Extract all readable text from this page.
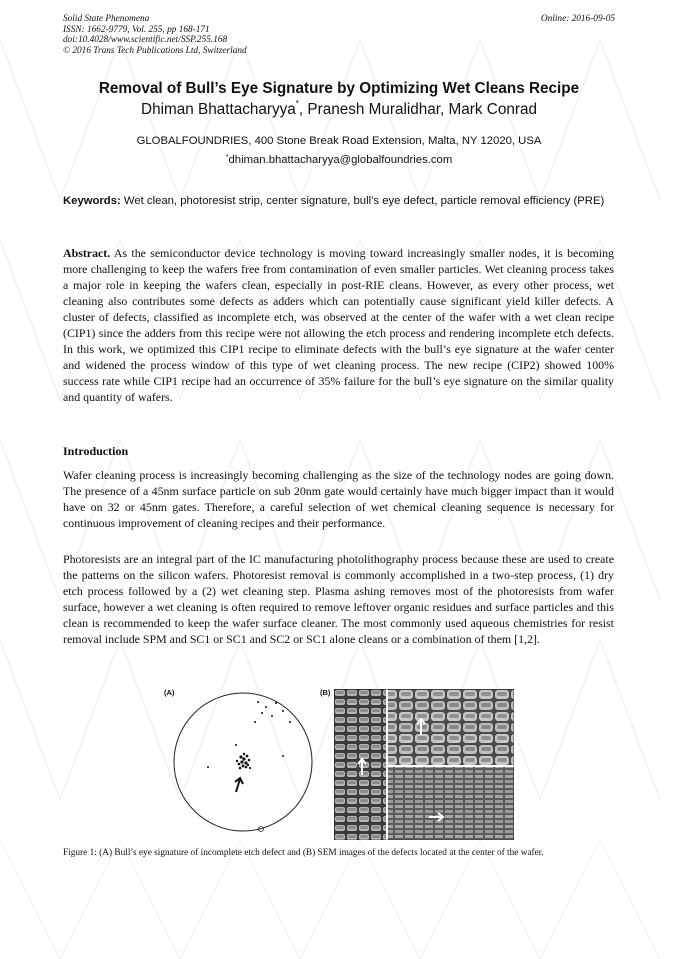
Solid State Phenomena
ISSN: 1662-9779, Vol. 255, pp 168-171
doi:10.4028/www.scientific.net/SSP.255.168
© 2016 Trans Tech Publications Ltd, Switzerland
Online: 2016-09-05
Removal of Bull’s Eye Signature by Optimizing Wet Cleans Recipe
Dhiman Bhattacharyya*, Pranesh Muralidhar, Mark Conrad
GLOBALFOUNDRIES, 400 Stone Break Road Extension, Malta, NY 12020, USA
*dhiman.bhattacharyya@globalfoundries.com
Keywords: Wet clean, photoresist strip, center signature, bull’s eye defect, particle removal efficiency (PRE)
Abstract. As the semiconductor device technology is moving toward increasingly smaller nodes, it is becoming more challenging to keep the wafers free from contamination of even smaller particles. Wet cleaning process takes a major role in keeping the wafers clean, especially in post-RIE cleans. However, as every other process, wet cleaning also contributes some defects as adders which can potentially cause significant yield killer defects. A cluster of defects, classified as incomplete etch, was observed at the center of the wafer with a wet clean recipe (CIP1) since the adders from this recipe were not allowing the etch process and rendering incomplete etch defects. In this work, we optimized this CIP1 recipe to eliminate defects with the bull’s eye signature at the wafer center and widened the process window of this type of wet cleaning process. The new recipe (CIP2) showed 100% success rate while CIP1 recipe had an occurrence of 35% failure for the bull’s eye signature on the similar quality and quantity of wafers.
Introduction
Wafer cleaning process is increasingly becoming challenging as the size of the technology nodes are going down. The presence of a 45nm surface particle on sub 20nm gate would certainly have much bigger impact than it would have on 32 or 45nm gates. Therefore, a careful selection of wet chemical cleaning sequence is necessary for continuous improvement of cleaning recipes and their performance.
Photoresists are an integral part of the IC manufacturing photolithography process because these are used to create the patterns on the silicon wafers. Photoresist removal is commonly accomplished in a two-step process, (1) dry etch process followed by a (2) wet cleaning step. Plasma ashing removes most of the photoresists from wafer surface, however a wet cleaning is often required to remove leftover organic residues and surface particles and this clean is recommended to keep the wafer surface cleaner. The most commonly used aqueous chemistries for resist removal include SPM and SC1 or SC1 and SC2 or SC1 alone cleans or a combination of them [1,2].
(A)	(B)
Figure 1: (A) Bull’s eye signature of incomplete etch defect and (B) SEM images of the defects located at the center of the wafer.
